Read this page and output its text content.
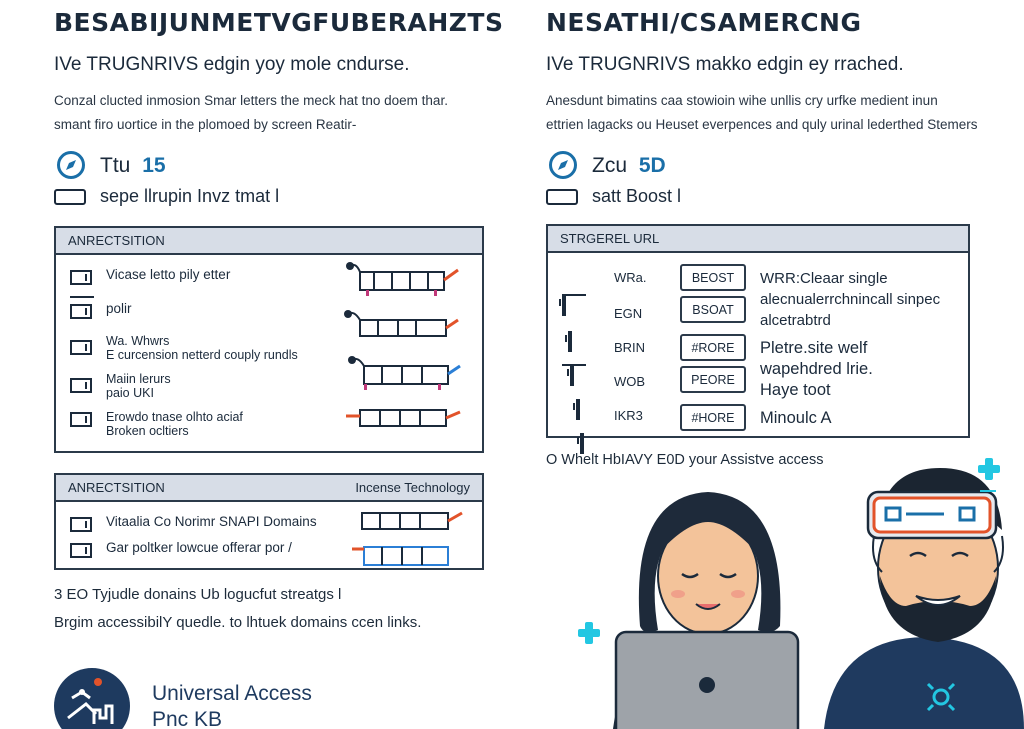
BESABIJUNMETVGFUBERAHZTS
IVe TRUGNRIVS edgin yoy mole cndurse.
Conzal clucted inmosion Smar letters the meck hat tno doem thar.
smant firo uortice in the plomoed by screen Reatir-
Ttu 15
sepe llrupin Invz tmat l
ANRECTSITION
Vicase letto pily etter
polir
Wa. Whwrs
E curcension netterd couply rundls
Maiin lerurs
paio UKI
Erowdo tnase olhto aciaf
Broken ocltiers
ANRECTSITION	Incense Technology
Vitaalia Co Norimr SNAPI Domains
Gar poltker lowcue offerar por /
3 EO Tyjudle donains Ub logucfut streatgs l
Brgim accessibilY quedle. to lhtuek domains ccen links.
Universal Access
Pnc KB
NESATHI/CSAMERCNG
IVe TRUGNRIVS makko edgin ey rrached.
Anesdunt bimatins caa stowioin wihe unllis cry urfke medient inun
ettrien lagacks ou Heuset everpences and quly urinal lederthed Stemers
Zcu 5D
satt Boost l
STRGEREL URL
WRa.
EGN
BRIN
WOB
IKR3
BEOST
BSOAT
#RORE
PEORE
#HORE
WRR:Cleaar single
alecnualerrchnincall sinpec
alcetrabtrd
Pletre.site welf
wapehdred lrie.
Haye toot
Minoulc A
O Whelt HbIAVY E0D your Assistve access
